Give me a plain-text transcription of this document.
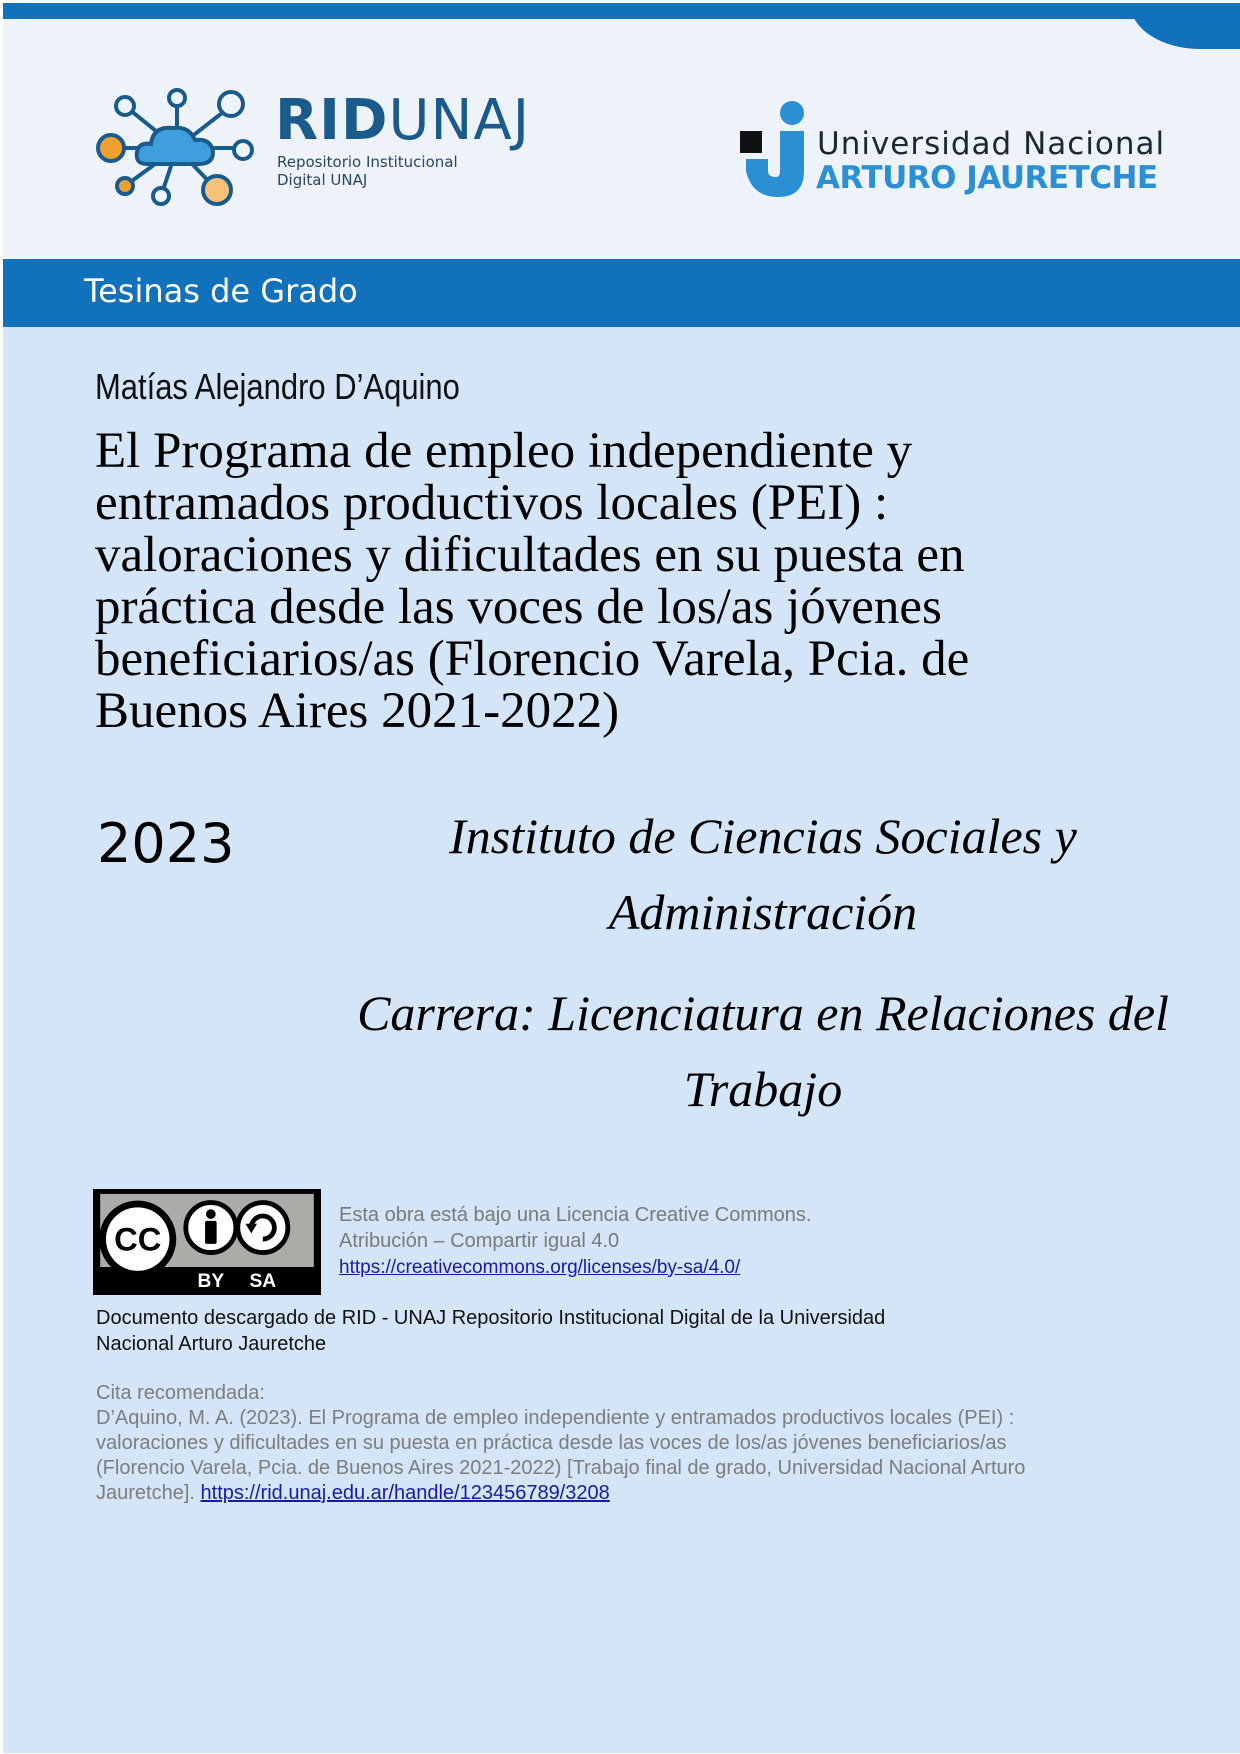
RIDUNAJ
Repositorio Institucional
Digital UNAJ
Universidad Nacional
ARTURO JAURETCHE
Tesinas de Grado
Matías Alejandro D’Aquino
El Programa de empleo independiente y
entramados productivos locales (PEI) :
valoraciones y dificultades en su puesta en
práctica desde las voces de los/as jóvenes
beneficiarios/as (Florencio Varela, Pcia. de
Buenos Aires 2021-2022)
2023	Instituto de Ciencias Sociales y
Administración
Carrera: Licenciatura en Relaciones del
Trabajo
CC
BY SA
Esta obra está bajo una Licencia Creative Commons.
Atribución – Compartir igual 4.0
https://creativecommons.org/licenses/by-sa/4.0/
Documento descargado de RID - UNAJ Repositorio Institucional Digital de la Universidad
Nacional Arturo Jauretche
Cita recomendada:
D’Aquino, M. A. (2023). El Programa de empleo independiente y entramados productivos locales (PEI) :
valoraciones y dificultades en su puesta en práctica desde las voces de los/as jóvenes beneficiarios/as
(Florencio Varela, Pcia. de Buenos Aires 2021-2022) [Trabajo final de grado, Universidad Nacional Arturo
Jauretche]. https://rid.unaj.edu.ar/handle/123456789/3208
